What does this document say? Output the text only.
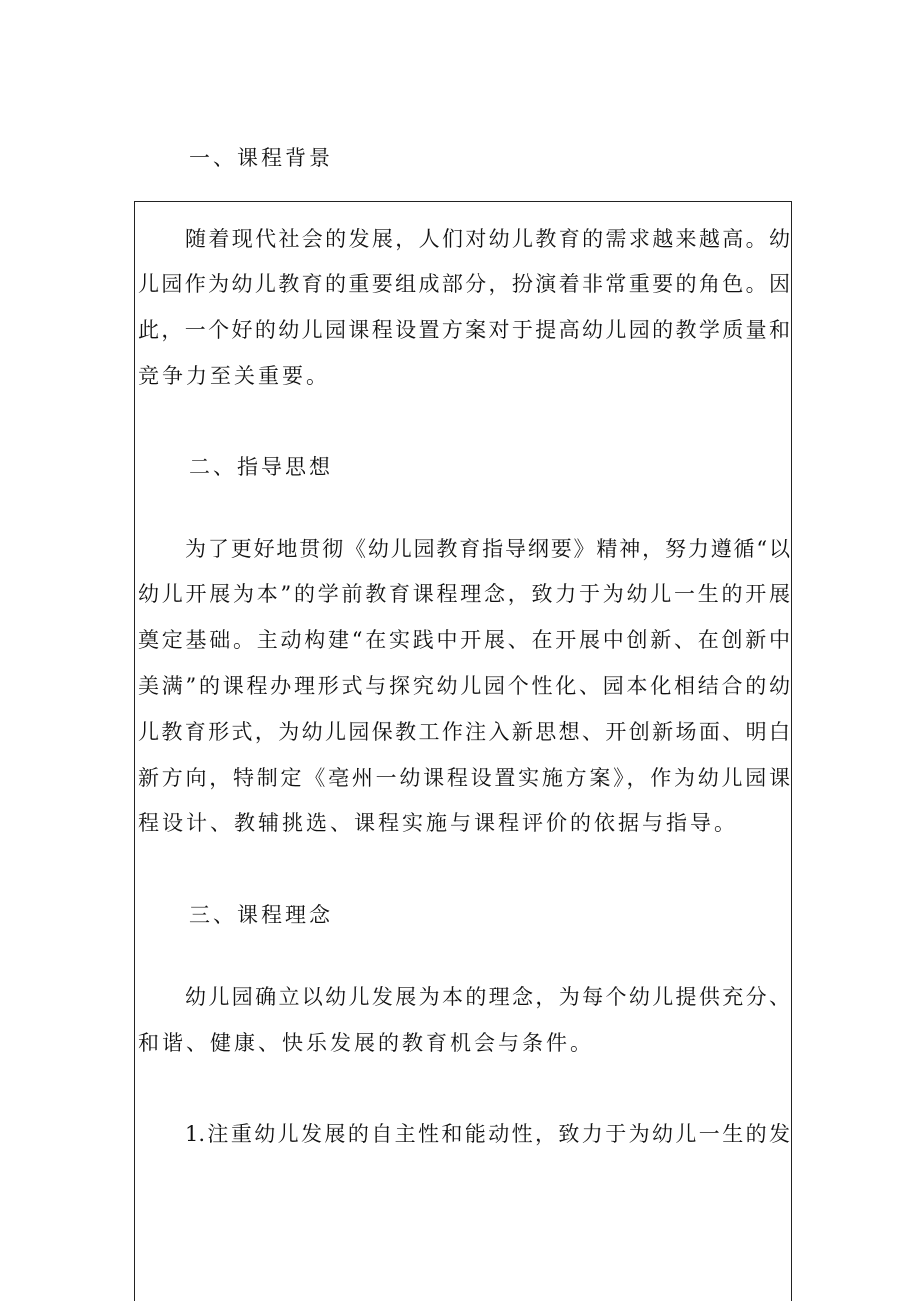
一、课程背景
随着现代社会的发展，人们对幼儿教育的需求越来越高。幼
儿园作为幼儿教育的重要组成部分，扮演着非常重要的角色。因
此，一个好的幼儿园课程设置方案对于提高幼儿园的教学质量和
竞争力至关重要。
二、指导思想
为了更好地贯彻《幼儿园教育指导纲要》精神，努力遵循“以
幼儿开展为本”的学前教育课程理念，致力于为幼儿一生的开展
奠定基础。主动构建“在实践中开展、在开展中创新、在创新中
美满”的课程办理形式与探究幼儿园个性化、园本化相结合的幼
儿教育形式，为幼儿园保教工作注入新思想、开创新场面、明白
新方向，特制定《亳州一幼课程设置实施方案》，作为幼儿园课
程设计、教辅挑选、课程实施与课程评价的依据与指导。
三、课程理念
幼儿园确立以幼儿发展为本的理念，为每个幼儿提供充分、
和谐、健康、快乐发展的教育机会与条件。
1.注重幼儿发展的自主性和能动性，致力于为幼儿一生的发
